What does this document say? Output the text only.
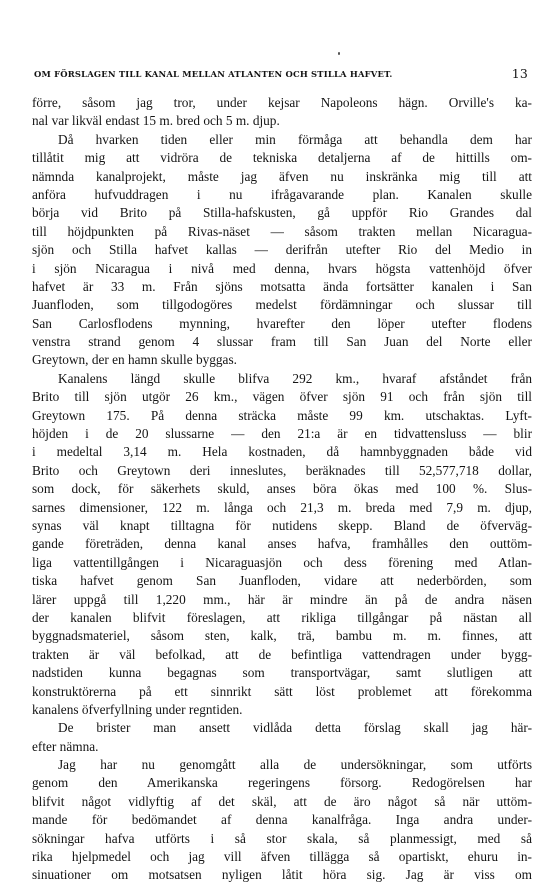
OM FÖRSLAGEN TILL KANAL MELLAN ATLANTEN OCH STILLA HAFVET.	13
förre, såsom jag tror, under kejsar Napoleons hägn. Orville's ka-
nal var likväl endast 15 m. bred och 5 m. djup.
Då hvarken tiden eller min förmåga att behandla dem har
tillåtit mig att vidröra de tekniska detaljerna af de hittills om-
nämnda kanalprojekt, måste jag äfven nu inskränka mig till att
anföra hufvuddragen i nu ifrågavarande plan. Kanalen skulle
börja vid Brito på Stilla-hafskusten, gå uppför Rio Grandes dal
till höjdpunkten på Rivas-näset — såsom trakten mellan Nicaragua-
sjön och Stilla hafvet kallas — derifrån utefter Rio del Medio in
i sjön Nicaragua i nivå med denna, hvars högsta vattenhöjd öfver
hafvet är 33 m. Från sjöns motsatta ända fortsätter kanalen i San
Juanfloden, som tillgodogöres medelst fördämningar och slussar till
San Carlosflodens mynning, hvarefter den löper utefter flodens
venstra strand genom 4 slussar fram till San Juan del Norte eller
Greytown, der en hamn skulle byggas.
Kanalens längd skulle blifva 292 km., hvaraf afståndet från
Brito till sjön utgör 26 km., vägen öfver sjön 91 och från sjön till
Greytown 175. På denna sträcka måste 99 km. utschaktas. Lyft-
höjden i de 20 slussarne — den 21:a är en tidvattensluss — blir
i medeltal 3,14 m. Hela kostnaden, då hamnbyggnaden både vid
Brito och Greytown deri inneslutes, beräknades till 52,577,718 dollar,
som dock, för säkerhets skuld, anses böra ökas med 100 %. Slus-
sarnes dimensioner, 122 m. långa och 21,3 m. breda med 7,9 m. djup,
synas väl knapt tilltagna för nutidens skepp. Bland de öfverväg-
gande företräden, denna kanal anses hafva, framhålles den outtöm-
liga vattentillgången i Nicaraguasjön och dess förening med Atlan-
tiska hafvet genom San Juanfloden, vidare att nederbörden, som
lärer uppgå till 1,220 mm., här är mindre än på de andra näsen
der kanalen blifvit föreslagen, att rikliga tillgångar på nästan all
byggnadsmateriel, såsom sten, kalk, trä, bambu m. m. finnes, att
trakten är väl befolkad, att de befintliga vattendragen under bygg-
nadstiden kunna begagnas som transportvägar, samt slutligen att
konstruktörerna på ett sinnrikt sätt löst problemet att förekomma
kanalens öfverfyllning under regntiden.
De brister man ansett vidlåda detta förslag skall jag här-
efter nämna.
Jag har nu genomgått alla de undersökningar, som utförts
genom den Amerikanska regeringens försorg. Redogörelsen har
blifvit något vidlyftig af det skäl, att de äro något så när uttöm-
mande för bedömandet af denna kanalfråga. Inga andra under-
sökningar hafva utförts i så stor skala, så planmessigt, med så
rika hjelpmedel och jag vill äfven tillägga så opartiskt, ehuru in-
sinuationer om motsatsen nyligen låtit höra sig. Jag är viss om
